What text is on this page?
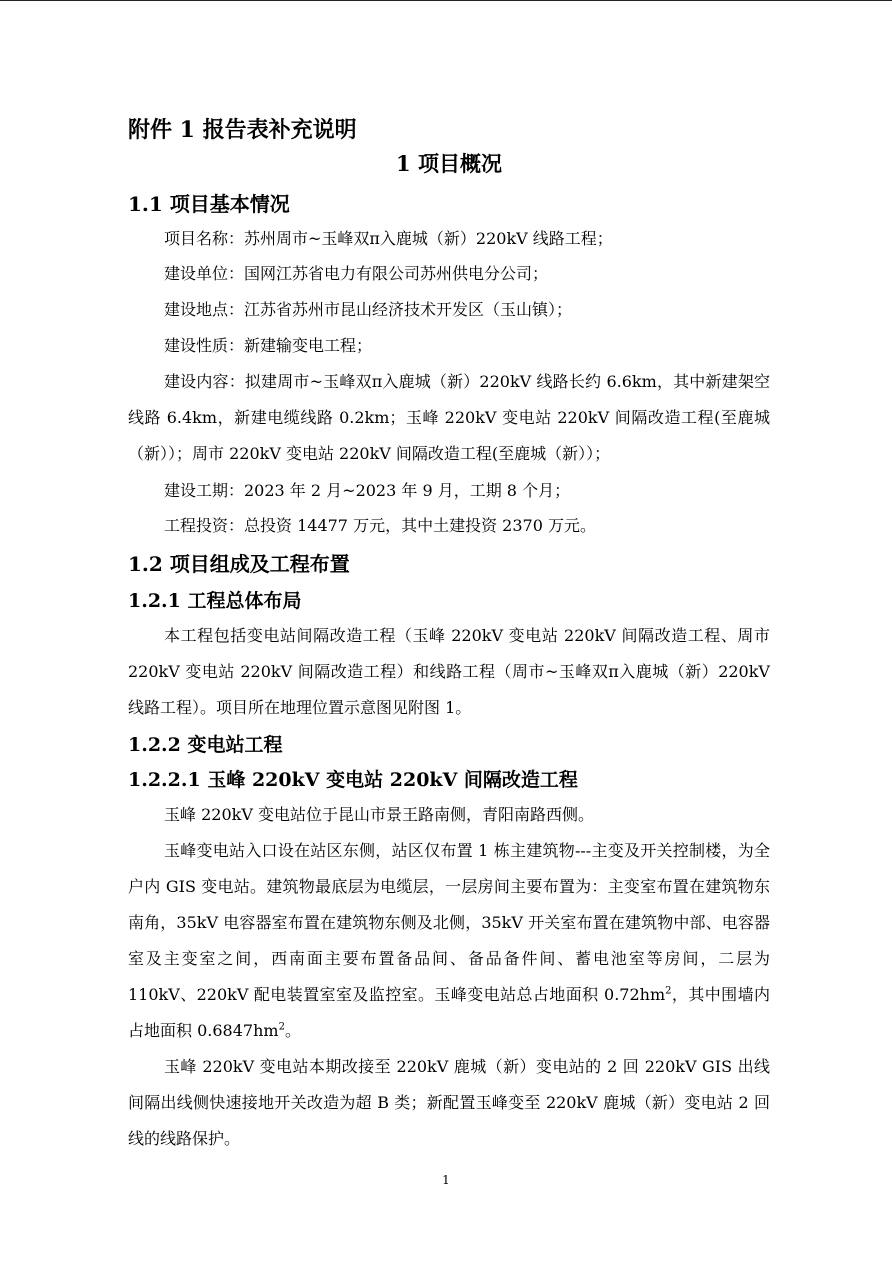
附件 1 报告表补充说明
1 项目概况
1.1 项目基本情况
项目名称：苏州周市~玉峰双π入鹿城（新）220kV 线路工程；
建设单位：国网江苏省电力有限公司苏州供电分公司；
建设地点：江苏省苏州市昆山经济技术开发区（玉山镇）；
建设性质：新建输变电工程；
建设内容：拟建周市~玉峰双π入鹿城（新）220kV 线路长约 6.6km，其中新建架空线路 6.4km，新建电缆线路 0.2km；玉峰 220kV 变电站 220kV 间隔改造工程(至鹿城（新））；周市 220kV 变电站 220kV 间隔改造工程(至鹿城（新））；
建设工期：2023 年 2 月~2023 年 9 月，工期 8 个月；
工程投资：总投资 14477 万元，其中土建投资 2370 万元。
1.2 项目组成及工程布置
1.2.1 工程总体布局
本工程包括变电站间隔改造工程（玉峰 220kV 变电站 220kV 间隔改造工程、周市 220kV 变电站 220kV 间隔改造工程）和线路工程（周市~玉峰双π入鹿城（新）220kV 线路工程）。项目所在地理位置示意图见附图 1。
1.2.2 变电站工程
1.2.2.1 玉峰 220kV 变电站 220kV 间隔改造工程
玉峰 220kV 变电站位于昆山市景王路南侧，青阳南路西侧。
玉峰变电站入口设在站区东侧，站区仅布置 1 栋主建筑物---主变及开关控制楼，为全户内 GIS 变电站。建筑物最底层为电缆层，一层房间主要布置为：主变室布置在建筑物东南角，35kV 电容器室布置在建筑物东侧及北侧，35kV 开关室布置在建筑物中部、电容器室及主变室之间，西南面主要布置备品间、备品备件间、蓄电池室等房间，二层为 110kV、220kV 配电装置室室及监控室。玉峰变电站总占地面积 $0.72hm^2$，其中围墙内占地面积 $0.6847hm^2$。
玉峰 220kV 变电站本期改接至 220kV 鹿城（新）变电站的 2 回 220kV GIS 出线间隔出线侧快速接地开关改造为超 B 类；新配置玉峰变至 220kV 鹿城（新）变电站 2 回线的线路保护。
1
